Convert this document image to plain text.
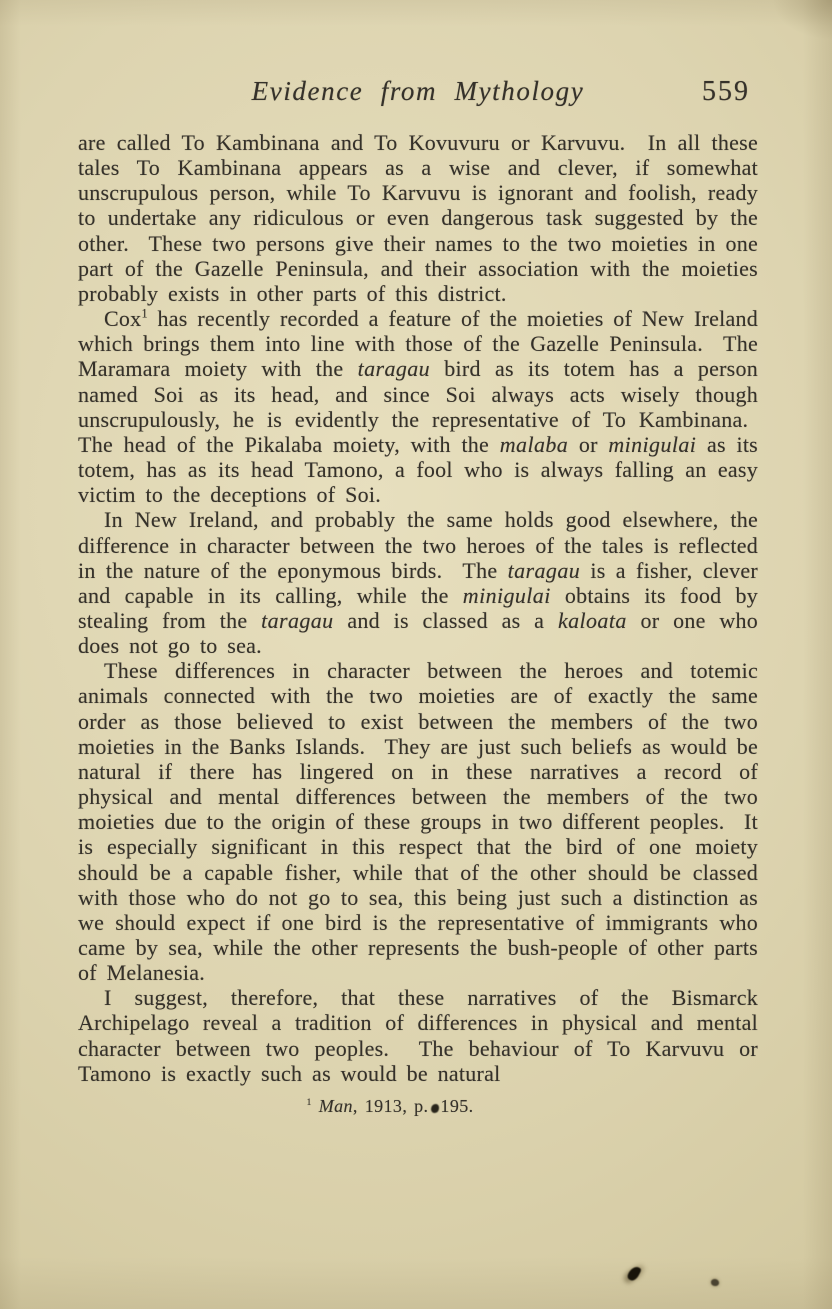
Evidence from Mythology	559

are called To Kambinana and To Kovuvuru or Karvuvu.  In all these tales To Kambinana appears as a wise and clever, if somewhat unscrupulous person, while To Karvuvu is ignorant and foolish, ready to undertake any ridiculous or even dangerous task suggested by the other.  These two persons give their names to the two moieties in one part of the Gazelle Peninsula, and their association with the moieties probably exists in other parts of this district.

Cox$^1$ has recently recorded a feature of the moieties of New Ireland which brings them into line with those of the Gazelle Peninsula.  The Maramara moiety with the taragau bird as its totem has a person named Soi as its head, and since Soi always acts wisely though unscrupulously, he is evidently the representative of To Kambinana.  The head of the Pikalaba moiety, with the malaba or minigulai as its totem, has as its head Tamono, a fool who is always falling an easy victim to the deceptions of Soi.

In New Ireland, and probably the same holds good elsewhere, the difference in character between the two heroes of the tales is reflected in the nature of the eponymous birds.  The taragau is a fisher, clever and capable in its calling, while the minigulai obtains its food by stealing from the taragau and is classed as a kaloata or one who does not go to sea.

These differences in character between the heroes and totemic animals connected with the two moieties are of exactly the same order as those believed to exist between the members of the two moieties in the Banks Islands.  They are just such beliefs as would be natural if there has lingered on in these narratives a record of physical and mental differences between the members of the two moieties due to the origin of these groups in two different peoples.  It is especially significant in this respect that the bird of one moiety should be a capable fisher, while that of the other should be classed with those who do not go to sea, this being just such a distinction as we should expect if one bird is the representative of immigrants who came by sea, while the other represents the bush-people of other parts of Melanesia.

I suggest, therefore, that these narratives of the Bismarck Archipelago reveal a tradition of differences in physical and mental character between two peoples.  The behaviour of To Karvuvu or Tamono is exactly such as would be natural

$^1$ Man, 1913, p. 195.
